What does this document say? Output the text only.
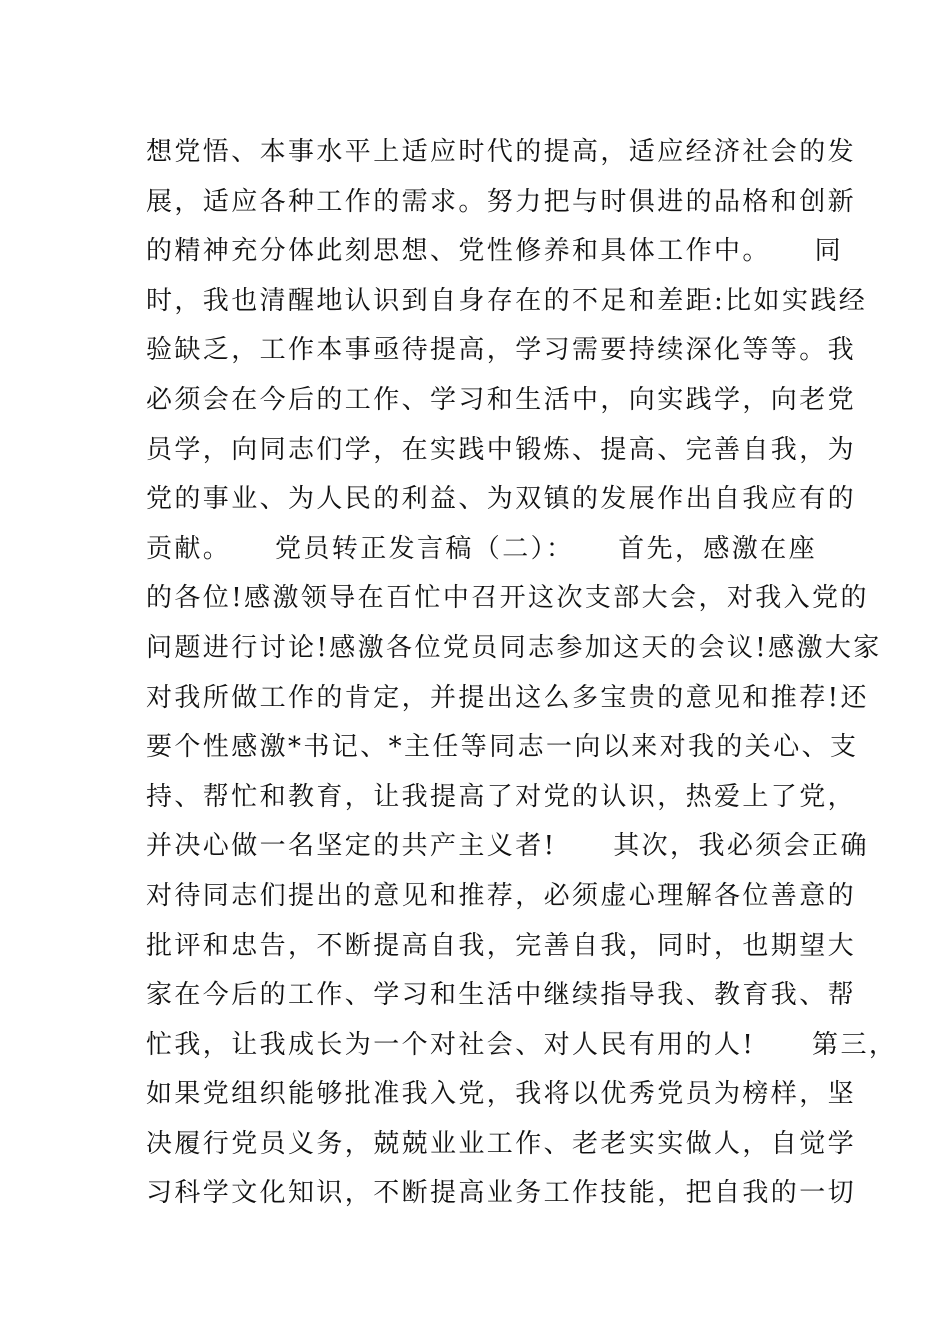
想党悟、本事水平上适应时代的提高，适应经济社会的发
展，适应各种工作的需求。努力把与时俱进的品格和创新
的精神充分体此刻思想、党性修养和具体工作中。　　同
时，我也清醒地认识到自身存在的不足和差距:比如实践经
验缺乏，工作本事亟待提高，学习需要持续深化等等。我
必须会在今后的工作、学习和生活中，向实践学，向老党
员学，向同志们学，在实践中锻炼、提高、完善自我，为
党的事业、为人民的利益、为双镇的发展作出自我应有的
贡献。　　党员转正发言稿（二）：　　首先，感激在座
的各位!感激领导在百忙中召开这次支部大会，对我入党的
问题进行讨论!感激各位党员同志参加这天的会议!感激大家
对我所做工作的肯定，并提出这么多宝贵的意见和推荐!还
要个性感激*书记、*主任等同志一向以来对我的关心、支
持、帮忙和教育，让我提高了对党的认识，热爱上了党，
并决心做一名坚定的共产主义者!　　其次，我必须会正确
对待同志们提出的意见和推荐，必须虚心理解各位善意的
批评和忠告，不断提高自我，完善自我，同时，也期望大
家在今后的工作、学习和生活中继续指导我、教育我、帮
忙我，让我成长为一个对社会、对人民有用的人!　　第三，
如果党组织能够批准我入党，我将以优秀党员为榜样，坚
决履行党员义务，兢兢业业工作、老老实实做人，自觉学
习科学文化知识，不断提高业务工作技能，把自我的一切
